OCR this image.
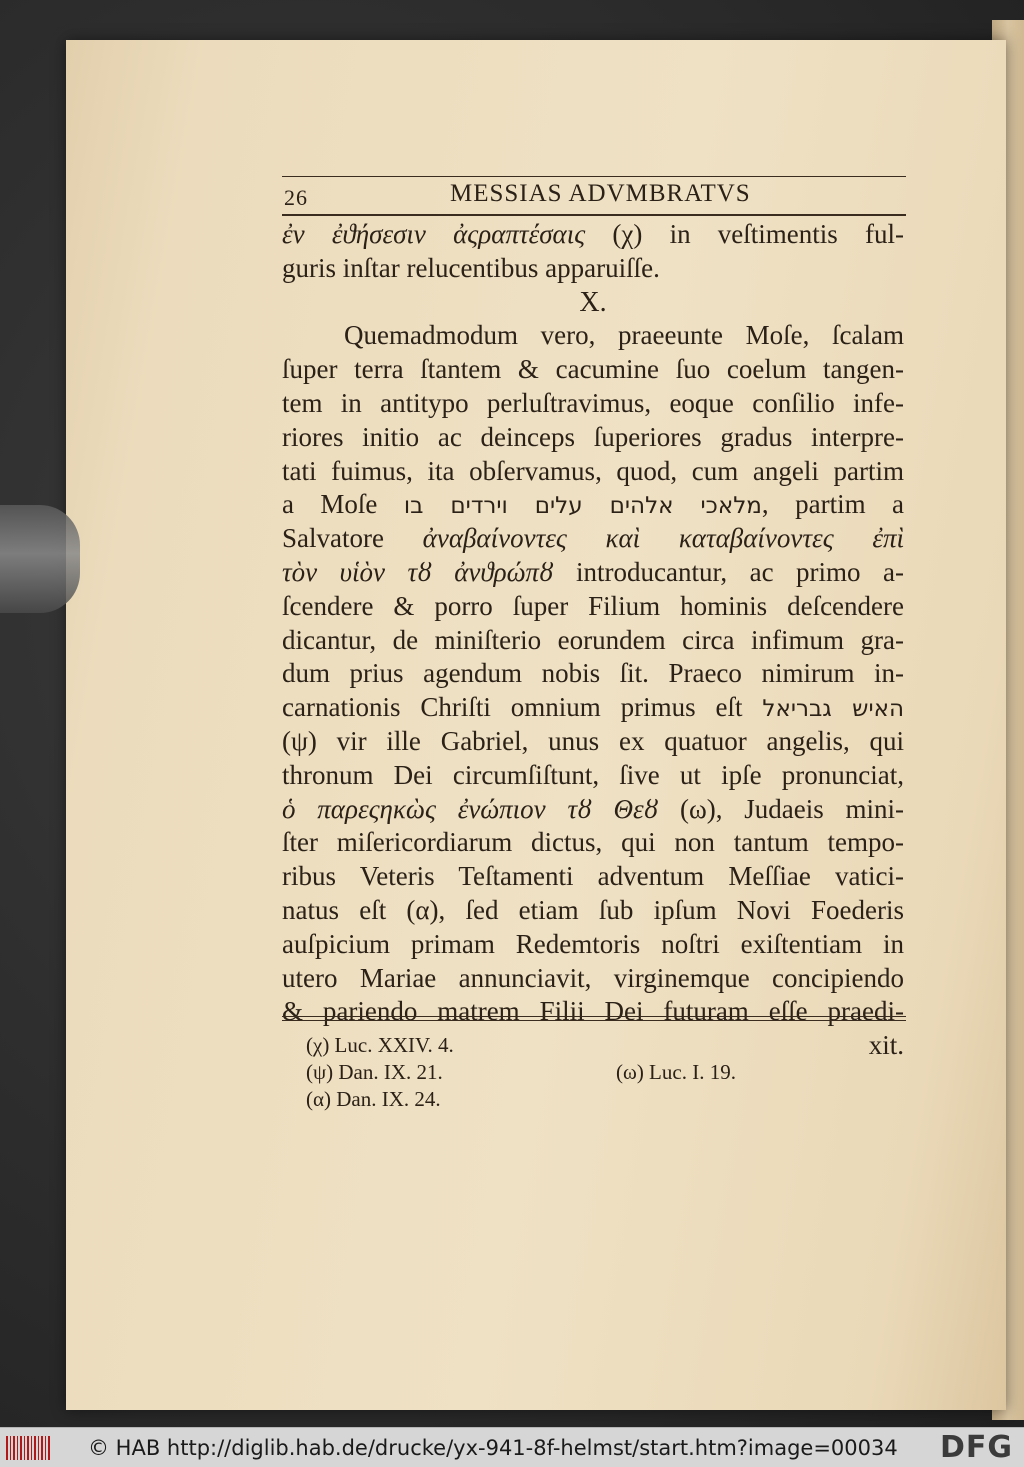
26	MESSIAS ADVMBRATVS
ἐν ἐϑήσεσιν ἀςραπτέσαις (χ) in veſtimentis ful-
guris inſtar relucentibus apparuiſſe.
X.
Quemadmodum vero, praeeunte Moſe, ſcalam
ſuper terra ſtantem & cacumine ſuo coelum tangen-
tem in antitypo perluſtravimus, eoque conſilio infe-
riores initio ac deinceps ſuperiores gradus interpre-
tati fuimus, ita obſervamus, quod, cum angeli partim
a Moſe מלאכי אלהים עלים וירדים בו, partim a
Salvatore ἀναβαίνοντες καὶ καταβαίνοντες ἐπὶ
τὸν υἱὸν τȣ ἀνϑρώπȣ introducantur, ac primo a-
ſcendere & porro ſuper Filium hominis deſcendere
dicantur, de miniſterio eorundem circa infimum gra-
dum prius agendum nobis ſit. Praeco nimirum in-
carnationis Chriſti omnium primus eſt האיש גבריאל
(ψ) vir ille Gabriel, unus ex quatuor angelis, qui
thronum Dei circumſiſtunt, ſive ut ipſe pronunciat,
ὁ παρεςηκὼς ἐνώπιον τȣ Θεȣ (ω), Judaeis mini-
ſter miſericordiarum dictus, qui non tantum tempo-
ribus Veteris Teſtamenti adventum Meſſiae vatici-
natus eſt (α), ſed etiam ſub ipſum Novi Foederis
auſpicium primam Redemtoris noſtri exiſtentiam in
utero Mariae annunciavit, virginemque concipiendo
& pariendo matrem Filii Dei futuram eſſe praedi-
xit.
(χ) Luc. XXIV. 4.
(ψ) Dan. IX. 21.	(ω) Luc. I. 19.
(α) Dan. IX. 24.
© HAB http://diglib.hab.de/drucke/yx-941-8f-helmst/start.htm?image=00034 DFG
